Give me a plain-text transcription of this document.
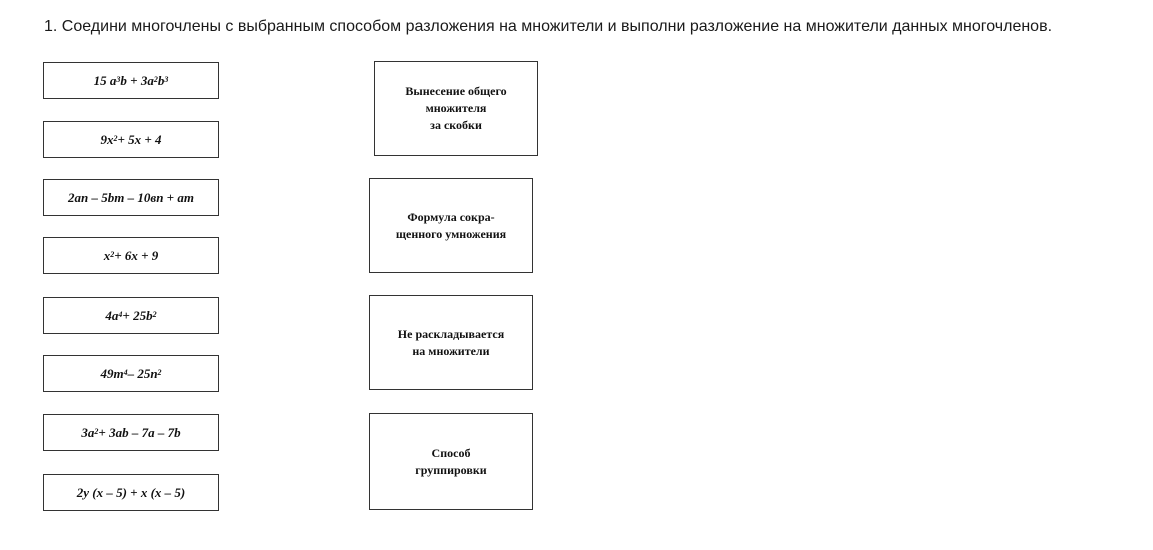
1. Соедини многочлены с выбранным способом разложения на множители и выполни разложение на множители данных многочленов.
15 $a^3$ $b + 3a^2$ $b^3$
$9x^2 + 5x + 4$
2an – 5bm – 10вn + am
$x^2 + 6x + 9$
$4a^4 + 25b^2$
$49m^4 - 25n^2$
$3a^2 + 3ab - 7a - 7b$
2y (x – 5) + x (x – 5)
Вынесение общего
множителя
за скобки
Формула сокра-
щенного умножения
Не раскладывается
на множители
Способ
группировки
